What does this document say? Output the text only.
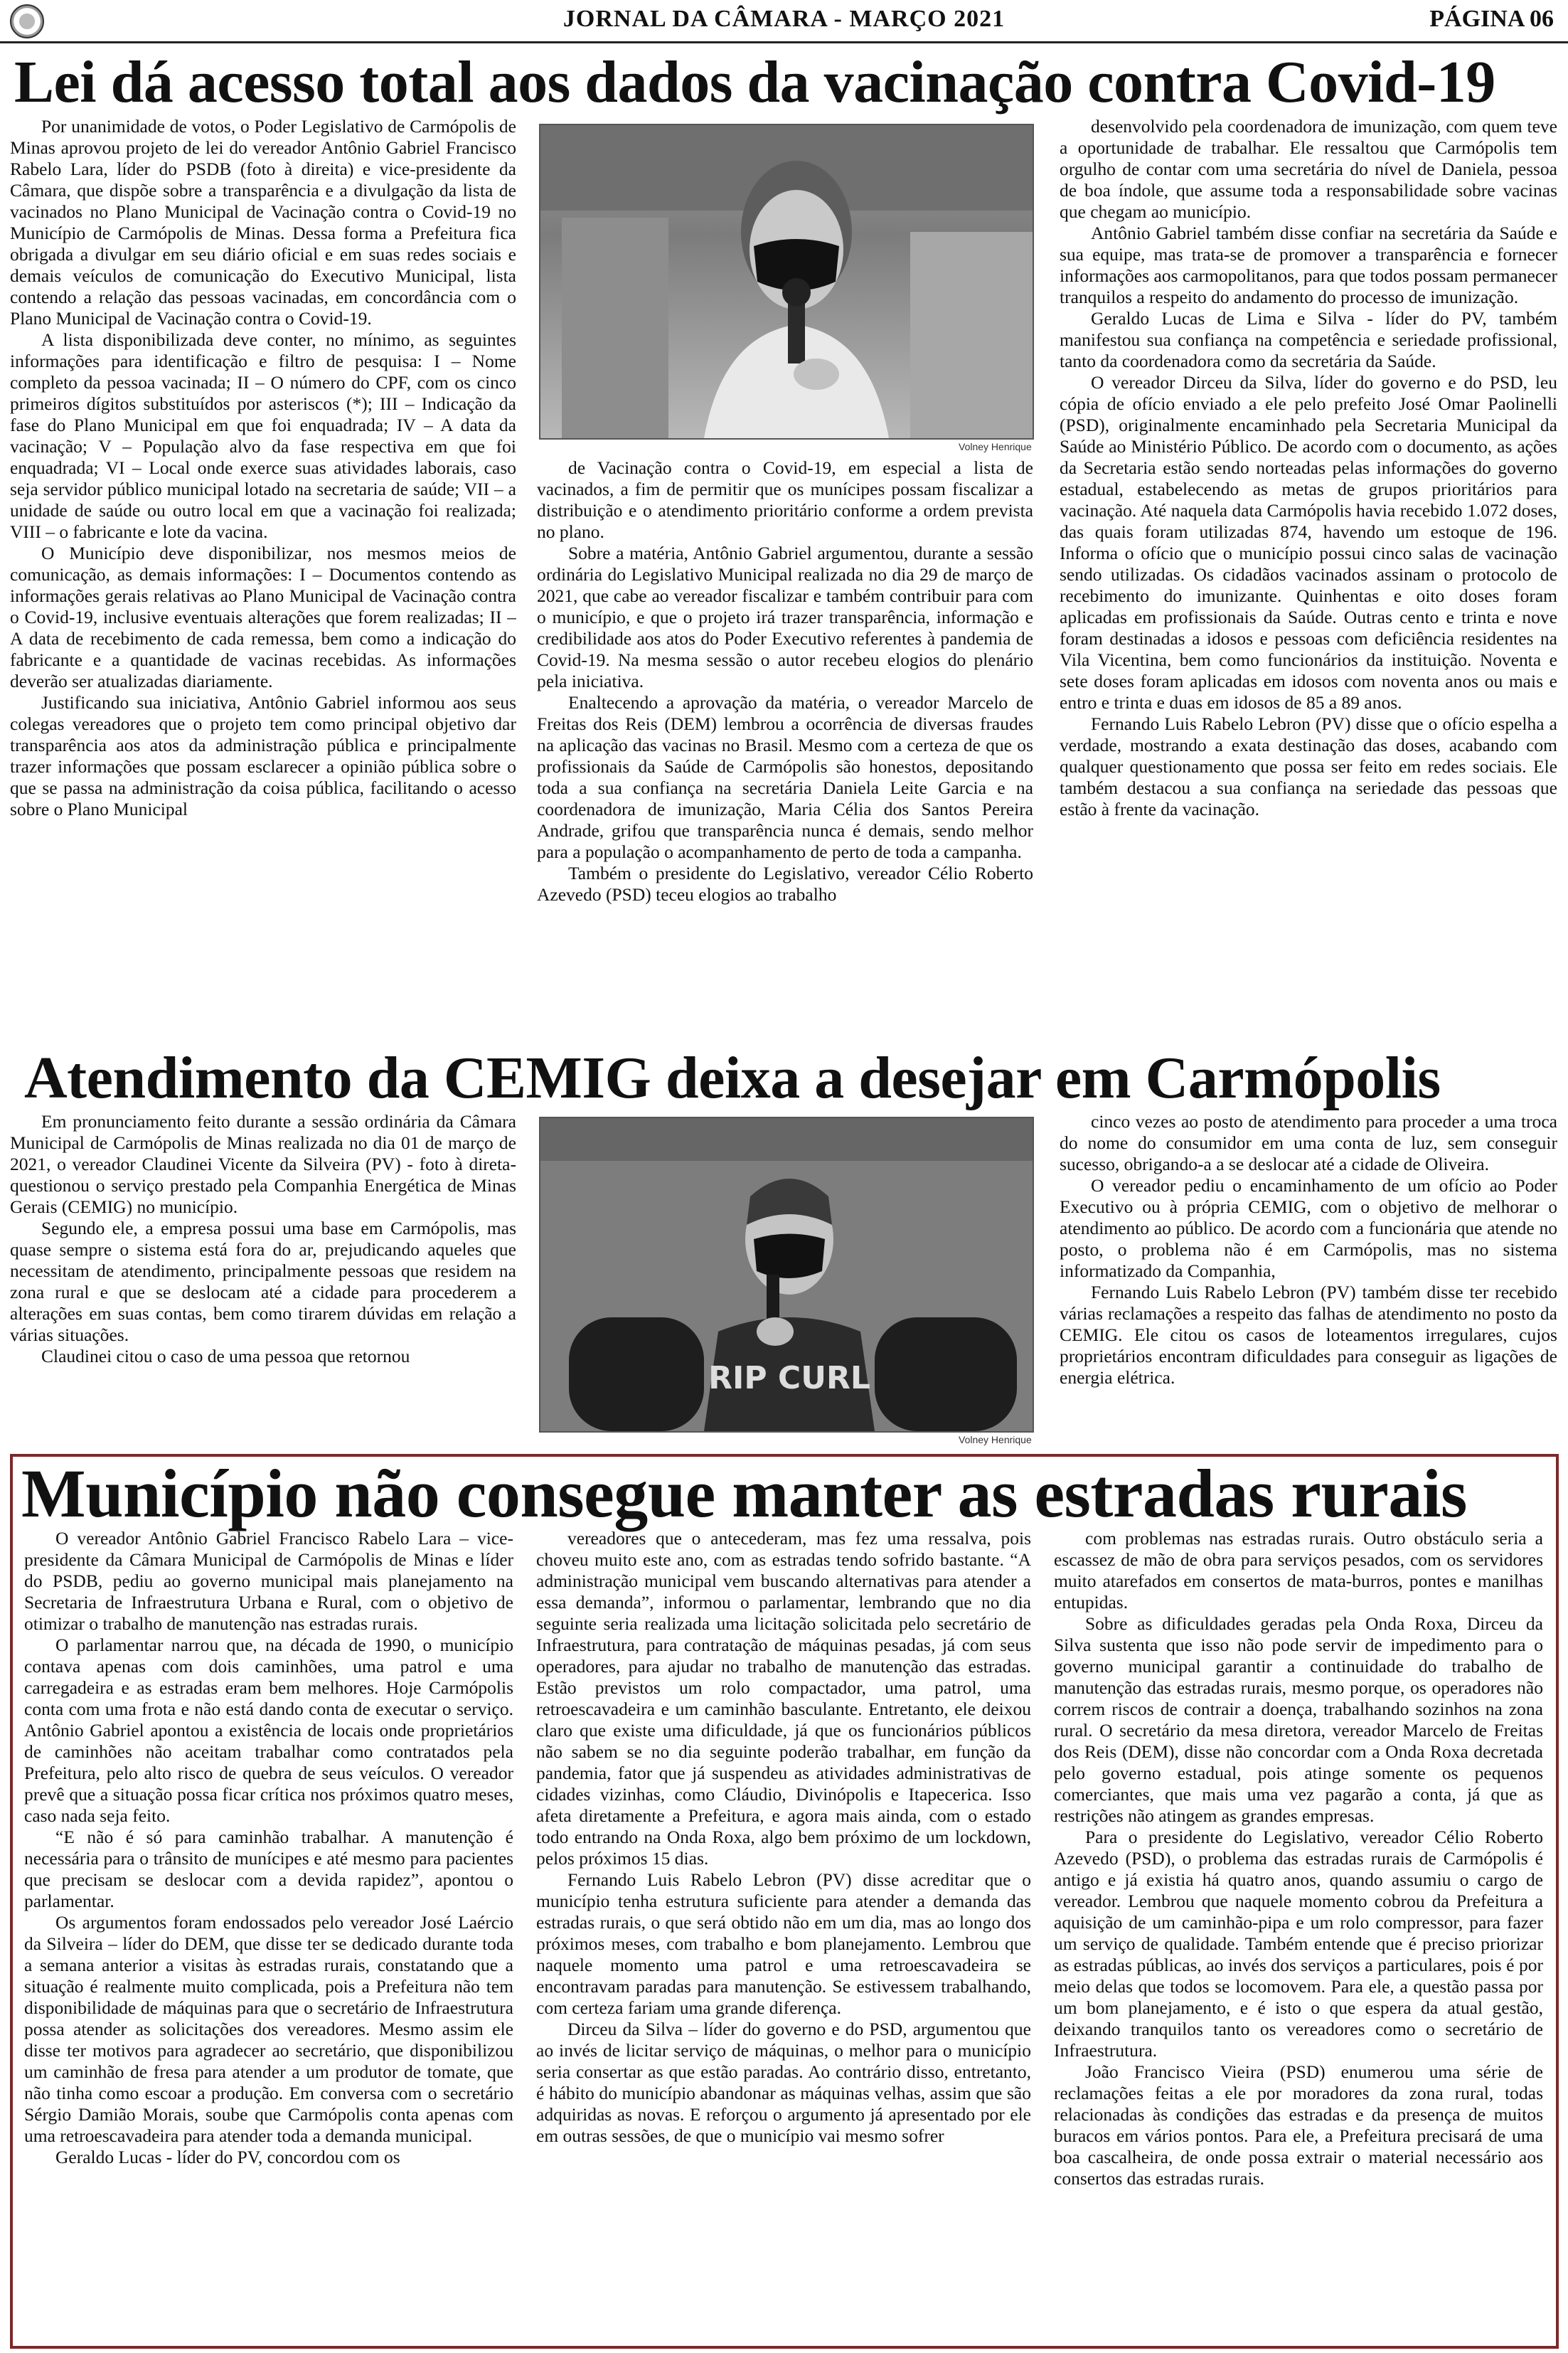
JORNAL DA CÂMARA - MARÇO 2021	PÁGINA 06
Lei dá acesso total aos dados da vacinação contra Covid-19

Por unanimidade de votos, o Poder Legislativo de Carmópolis de Minas aprovou projeto de lei do vereador Antônio Gabriel Francisco Rabelo Lara, líder do PSDB (foto à direita) e vice-presidente da Câmara, que dispõe sobre a transparência e a divulgação da lista de vacinados no Plano Municipal de Vacinação contra o Covid-19 no Município de Carmópolis de Minas. Dessa forma a Prefeitura fica obrigada a divulgar em seu diário oficial e em suas redes sociais e demais veículos de comunicação do Executivo Municipal, lista contendo a relação das pessoas vacinadas, em concordância com o Plano Municipal de Vacinação contra o Covid-19.

A lista disponibilizada deve conter, no mínimo, as seguintes informações para identificação e filtro de pesquisa: I – Nome completo da pessoa vacinada; II – O número do CPF, com os cinco primeiros dígitos substituídos por asteriscos (*); III – Indicação da fase do Plano Municipal em que foi enquadrada; IV – A data da vacinação; V – População alvo da fase respectiva em que foi enquadrada; VI – Local onde exerce suas atividades laborais, caso seja servidor público municipal lotado na secretaria de saúde; VII – a unidade de saúde ou outro local em que a vacinação foi realizada; VIII – o fabricante e lote da vacina.

O Município deve disponibilizar, nos mesmos meios de comunicação, as demais informações: I – Documentos contendo as informações gerais relativas ao Plano Municipal de Vacinação contra o Covid-19, inclusive eventuais alterações que forem realizadas; II – A data de recebimento de cada remessa, bem como a indicação do fabricante e a quantidade de vacinas recebidas. As informações deverão ser atualizadas diariamente.

Justificando sua iniciativa, Antônio Gabriel informou aos seus colegas vereadores que o projeto tem como principal objetivo dar transparência aos atos da administração pública e principalmente trazer informações que possam esclarecer a opinião pública sobre o que se passa na administração da coisa pública, facilitando o acesso sobre o Plano Municipal

Volney Henrique

de Vacinação contra o Covid-19, em especial a lista de vacinados, a fim de permitir que os munícipes possam fiscalizar a distribuição e o atendimento prioritário conforme a ordem prevista no plano.

Sobre a matéria, Antônio Gabriel argumentou, durante a sessão ordinária do Legislativo Municipal realizada no dia 29 de março de 2021, que cabe ao vereador fiscalizar e também contribuir para com o município, e que o projeto irá trazer transparência, informação e credibilidade aos atos do Poder Executivo referentes à pandemia de Covid-19. Na mesma sessão o autor recebeu elogios do plenário pela iniciativa.

Enaltecendo a aprovação da matéria, o vereador Marcelo de Freitas dos Reis (DEM) lembrou a ocorrência de diversas fraudes na aplicação das vacinas no Brasil. Mesmo com a certeza de que os profissionais da Saúde de Carmópolis são honestos, depositando toda a sua confiança na secretária Daniela Leite Garcia e na coordenadora de imunização, Maria Célia dos Santos Pereira Andrade, grifou que transparência nunca é demais, sendo melhor para a população o acompanhamento de perto de toda a campanha.

Também o presidente do Legislativo, vereador Célio Roberto Azevedo (PSD) teceu elogios ao trabalho

desenvolvido pela coordenadora de imunização, com quem teve a oportunidade de trabalhar. Ele ressaltou que Carmópolis tem orgulho de contar com uma secretária do nível de Daniela, pessoa de boa índole, que assume toda a responsabilidade sobre vacinas que chegam ao município.

Antônio Gabriel também disse confiar na secretária da Saúde e sua equipe, mas trata-se de promover a transparência e fornecer informações aos carmopolitanos, para que todos possam permanecer tranquilos a respeito do andamento do processo de imunização.

Geraldo Lucas de Lima e Silva - líder do PV, também manifestou sua confiança na competência e seriedade profissional, tanto da coordenadora como da secretária da Saúde.

O vereador Dirceu da Silva, líder do governo e do PSD, leu cópia de ofício enviado a ele pelo prefeito José Omar Paolinelli (PSD), originalmente encaminhado pela Secretaria Municipal da Saúde ao Ministério Público. De acordo com o documento, as ações da Secretaria estão sendo norteadas pelas informações do governo estadual, estabelecendo as metas de grupos prioritários para vacinação. Até naquela data Carmópolis havia recebido 1.072 doses, das quais foram utilizadas 874, havendo um estoque de 196. Informa o ofício que o município possui cinco salas de vacinação sendo utilizadas. Os cidadãos vacinados assinam o protocolo de recebimento do imunizante. Quinhentas e oito doses foram aplicadas em profissionais da Saúde. Outras cento e trinta e nove foram destinadas a idosos e pessoas com deficiência residentes na Vila Vicentina, bem como funcionários da instituição. Noventa e sete doses foram aplicadas em idosos com noventa anos ou mais e entro e trinta e duas em idosos de 85 a 89 anos.

Fernando Luis Rabelo Lebron (PV) disse que o ofício espelha a verdade, mostrando a exata destinação das doses, acabando com qualquer questionamento que possa ser feito em redes sociais. Ele também destacou a sua confiança na seriedade das pessoas que estão à frente da vacinação.

Atendimento da CEMIG deixa a desejar em Carmópolis

Em pronunciamento feito durante a sessão ordinária da Câmara Municipal de Carmópolis de Minas realizada no dia 01 de março de 2021, o vereador Claudinei Vicente da Silveira (PV) - foto à direta- questionou o serviço prestado pela Companhia Energética de Minas Gerais (CEMIG) no município.

Segundo ele, a empresa possui uma base em Carmópolis, mas quase sempre o sistema está fora do ar, prejudicando aqueles que necessitam de atendimento, principalmente pessoas que residem na zona rural e que se deslocam até a cidade para procederem a alterações em suas contas, bem como tirarem dúvidas em relação a várias situações.

Claudinei citou o caso de uma pessoa que retornou

RIP CURL
Volney Henrique

cinco vezes ao posto de atendimento para proceder a uma troca do nome do consumidor em uma conta de luz, sem conseguir sucesso, obrigando-a a se deslocar até a cidade de Oliveira.

O vereador pediu o encaminhamento de um ofício ao Poder Executivo ou à própria CEMIG, com o objetivo de melhorar o atendimento ao público. De acordo com a funcionária que atende no posto, o problema não é em Carmópolis, mas no sistema informatizado da Companhia,

Fernando Luis Rabelo Lebron (PV) também disse ter recebido várias reclamações a respeito das falhas de atendimento no posto da CEMIG. Ele citou os casos de loteamentos irregulares, cujos proprietários encontram dificuldades para conseguir as ligações de energia elétrica.

Município não consegue manter as estradas rurais

O vereador Antônio Gabriel Francisco Rabelo Lara – vice-presidente da Câmara Municipal de Carmópolis de Minas e líder do PSDB, pediu ao governo municipal mais planejamento na Secretaria de Infraestrutura Urbana e Rural, com o objetivo de otimizar o trabalho de manutenção nas estradas rurais.

O parlamentar narrou que, na década de 1990, o município contava apenas com dois caminhões, uma patrol e uma carregadeira e as estradas eram bem melhores. Hoje Carmópolis conta com uma frota e não está dando conta de executar o serviço. Antônio Gabriel apontou a existência de locais onde proprietários de caminhões não aceitam trabalhar como contratados pela Prefeitura, pelo alto risco de quebra de seus veículos. O vereador prevê que a situação possa ficar crítica nos próximos quatro meses, caso nada seja feito.

“E não é só para caminhão trabalhar. A manutenção é necessária para o trânsito de munícipes e até mesmo para pacientes que precisam se deslocar com a devida rapidez”, apontou o parlamentar.

Os argumentos foram endossados pelo vereador José Laércio da Silveira – líder do DEM, que disse ter se dedicado durante toda a semana anterior a visitas às estradas rurais, constatando que a situação é realmente muito complicada, pois a Prefeitura não tem disponibilidade de máquinas para que o secretário de Infraestrutura possa atender as solicitações dos vereadores. Mesmo assim ele disse ter motivos para agradecer ao secretário, que disponibilizou um caminhão de fresa para atender a um produtor de tomate, que não tinha como escoar a produção. Em conversa com o secretário Sérgio Damião Morais, soube que Carmópolis conta apenas com uma retroescavadeira para atender toda a demanda municipal.

Geraldo Lucas - líder do PV, concordou com os

vereadores que o antecederam, mas fez uma ressalva, pois choveu muito este ano, com as estradas tendo sofrido bastante. “A administração municipal vem buscando alternativas para atender a essa demanda”, informou o parlamentar, lembrando que no dia seguinte seria realizada uma licitação solicitada pelo secretário de Infraestrutura, para contratação de máquinas pesadas, já com seus operadores, para ajudar no trabalho de manutenção das estradas. Estão previstos um rolo compactador, uma patrol, uma retroescavadeira e um caminhão basculante. Entretanto, ele deixou claro que existe uma dificuldade, já que os funcionários públicos não sabem se no dia seguinte poderão trabalhar, em função da pandemia, fator que já suspendeu as atividades administrativas de cidades vizinhas, como Cláudio, Divinópolis e Itapecerica. Isso afeta diretamente a Prefeitura, e agora mais ainda, com o estado todo entrando na Onda Roxa, algo bem próximo de um lockdown, pelos próximos 15 dias.

Fernando Luis Rabelo Lebron (PV) disse acreditar que o município tenha estrutura suficiente para atender a demanda das estradas rurais, o que será obtido não em um dia, mas ao longo dos próximos meses, com trabalho e bom planejamento. Lembrou que naquele momento uma patrol e uma retroescavadeira se encontravam paradas para manutenção. Se estivessem trabalhando, com certeza fariam uma grande diferença.

Dirceu da Silva – líder do governo e do PSD, argumentou que ao invés de licitar serviço de máquinas, o melhor para o município seria consertar as que estão paradas. Ao contrário disso, entretanto, é hábito do município abandonar as máquinas velhas, assim que são adquiridas as novas. E reforçou o argumento já apresentado por ele em outras sessões, de que o município vai mesmo sofrer

com problemas nas estradas rurais. Outro obstáculo seria a escassez de mão de obra para serviços pesados, com os servidores muito atarefados em consertos de mata-burros, pontes e manilhas entupidas.

Sobre as dificuldades geradas pela Onda Roxa, Dirceu da Silva sustenta que isso não pode servir de impedimento para o governo municipal garantir a continuidade do trabalho de manutenção das estradas rurais, mesmo porque, os operadores não correm riscos de contrair a doença, trabalhando sozinhos na zona rural. O secretário da mesa diretora, vereador Marcelo de Freitas dos Reis (DEM), disse não concordar com a Onda Roxa decretada pelo governo estadual, pois atinge somente os pequenos comerciantes, que mais uma vez pagarão a conta, já que as restrições não atingem as grandes empresas.

Para o presidente do Legislativo, vereador Célio Roberto Azevedo (PSD), o problema das estradas rurais de Carmópolis é antigo e já existia há quatro anos, quando assumiu o cargo de vereador. Lembrou que naquele momento cobrou da Prefeitura a aquisição de um caminhão-pipa e um rolo compressor, para fazer um serviço de qualidade. Também entende que é preciso priorizar as estradas públicas, ao invés dos serviços a particulares, pois é por meio delas que todos se locomovem. Para ele, a questão passa por um bom planejamento, e é isto o que espera da atual gestão, deixando tranquilos tanto os vereadores como o secretário de Infraestrutura.

João Francisco Vieira (PSD) enumerou uma série de reclamações feitas a ele por moradores da zona rural, todas relacionadas às condições das estradas e da presença de muitos buracos em vários pontos. Para ele, a Prefeitura precisará de uma boa cascalheira, de onde possa extrair o material necessário aos consertos das estradas rurais.
